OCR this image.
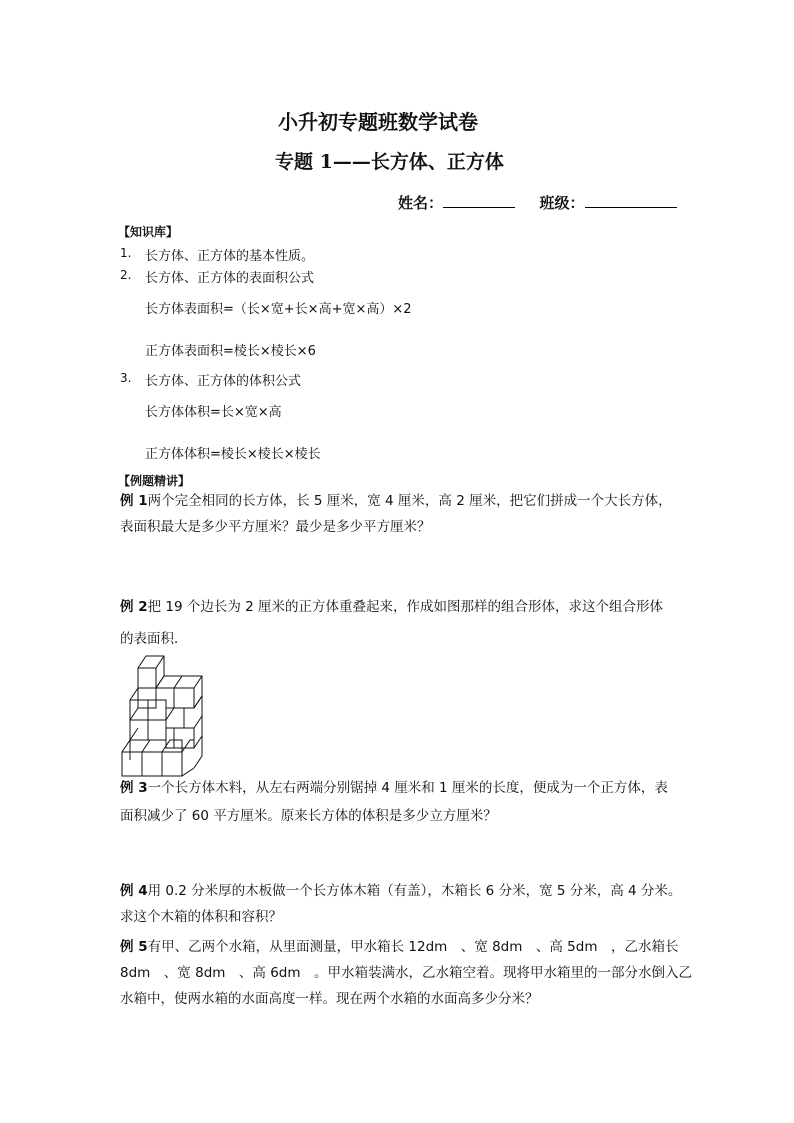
小升初专题班数学试卷
专题 1——长方体、正方体
姓名：	班级：
【知识库】
1. 长方体、正方体的基本性质。
2. 长方体、正方体的表面积公式
长方体表面积=（长×宽+长×高+宽×高）×2
正方体表面积=棱长×棱长×6
3. 长方体、正方体的体积公式
长方体体积=长×宽×高
正方体体积=棱长×棱长×棱长
【例题精讲】
例 1两个完全相同的长方体，长 5 厘米，宽 4 厘米，高 2 厘米，把它们拼成一个大长方体，
表面积最大是多少平方厘米？最少是多少平方厘米？
例 2把 19 个边长为 2 厘米的正方体重叠起来，作成如图那样的组合形体，求这个组合形体
的表面积．
例 3一个长方体木料，从左右两端分别锯掉 4 厘米和 1 厘米的长度，便成为一个正方体，表
面积减少了 60 平方厘米。原来长方体的体积是多少立方厘米？
例 4用 0.2 分米厚的木板做一个长方体木箱（有盖），木箱长 6 分米，宽 5 分米，高 4 分米。
求这个木箱的体积和容积？
例 5有甲、乙两个水箱，从里面测量，甲水箱长 12dm　、宽 8dm　、高 5dm　，乙水箱长
8dm　、宽 8dm　、高 6dm　。甲水箱装满水，乙水箱空着。现将甲水箱里的一部分水倒入乙
水箱中，使两水箱的水面高度一样。现在两个水箱的水面高多少分米？
